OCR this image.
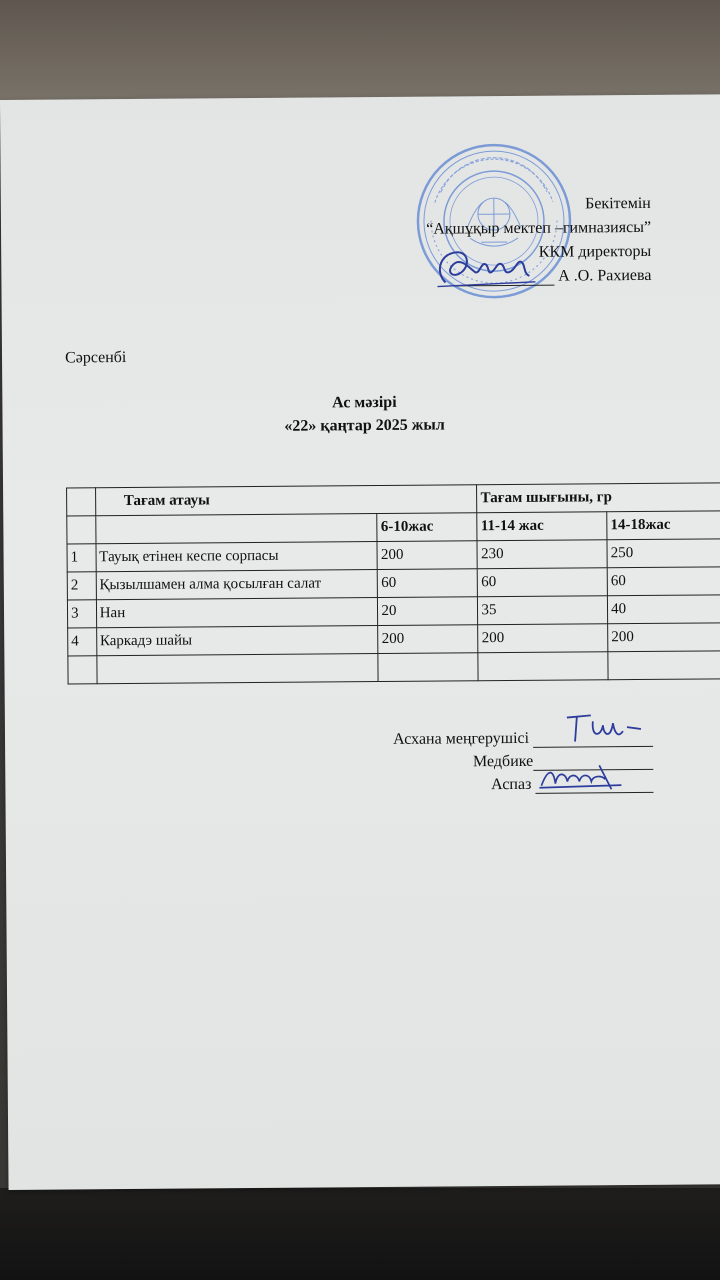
Бекітемін
“Ақшұқыр мектеп –гимназиясы”
ККМ директоры
А .О. Рахиева
Сәрсенбі
Ас мәзірі
«22» қаңтар 2025 жыл
	Тағам атауы		Тағам шығыны, гр	
		6-10жас	11-14 жас	14-18жас
1	Тауық етінен кеспе сорпасы	200	230	250
2	Қызылшамен алма қосылған салат	60	60	60
3	Нан	20	35	40
4	Каркадэ шайы	200	200	200

Асхана меңгерушісі
Медбике
Аспаз
